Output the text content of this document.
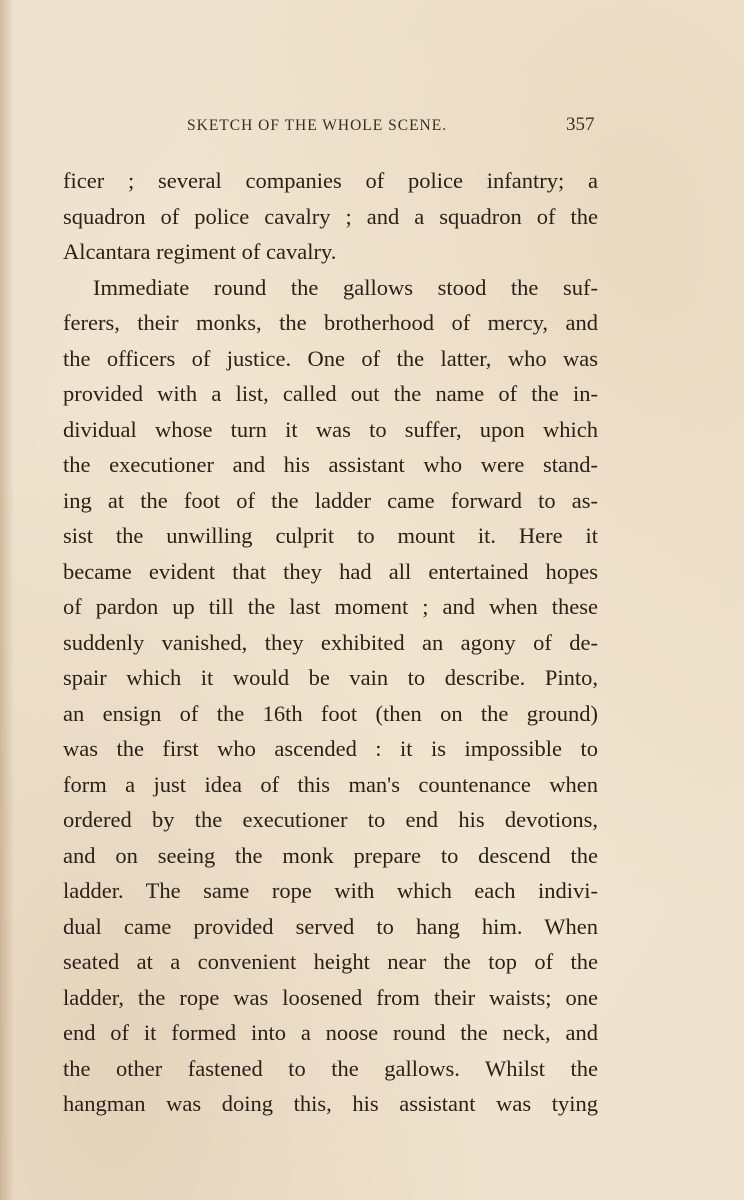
SKETCH OF THE WHOLE SCENE.	357
ficer ; several companies of police infantry; a
squadron of police cavalry ; and a squadron of the
Alcantara regiment of cavalry.
Immediate round the gallows stood the suf-
ferers, their monks, the brotherhood of mercy, and
the officers of justice. One of the latter, who was
provided with a list, called out the name of the in-
dividual whose turn it was to suffer, upon which
the executioner and his assistant who were stand-
ing at the foot of the ladder came forward to as-
sist the unwilling culprit to mount it. Here it
became evident that they had all entertained hopes
of pardon up till the last moment ; and when these
suddenly vanished, they exhibited an agony of de-
spair which it would be vain to describe. Pinto,
an ensign of the 16th foot (then on the ground)
was the first who ascended : it is impossible to
form a just idea of this man's countenance when
ordered by the executioner to end his devotions,
and on seeing the monk prepare to descend the
ladder. The same rope with which each indivi-
dual came provided served to hang him. When
seated at a convenient height near the top of the
ladder, the rope was loosened from their waists; one
end of it formed into a noose round the neck, and
the other fastened to the gallows. Whilst the
hangman was doing this, his assistant was tying
